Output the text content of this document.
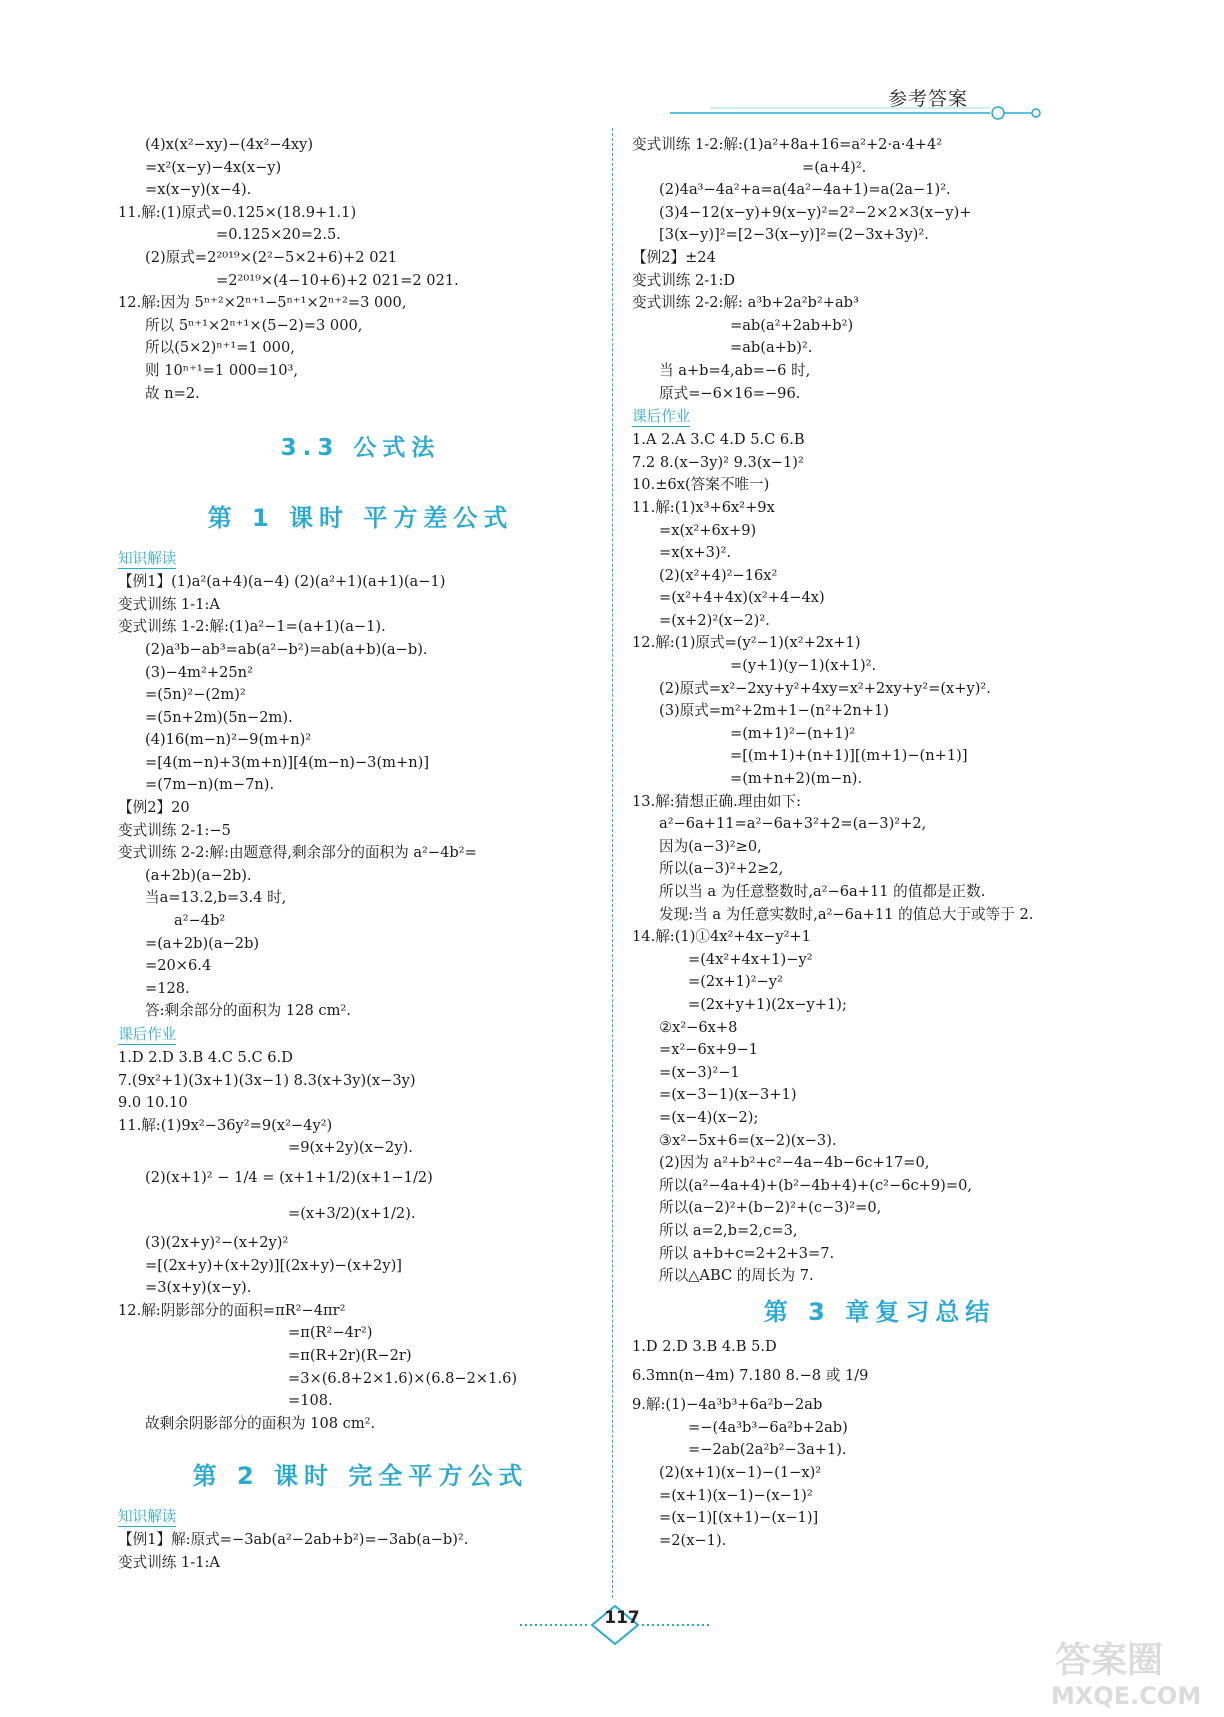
参考答案
(4)x(x²−xy)−(4x²−4xy)
=x²(x−y)−4x(x−y)
=x(x−y)(x−4).
11.解:(1)原式=0.125×(18.9+1.1)
=0.125×20=2.5.
(2)原式=2²⁰¹⁹×(2²−5×2+6)+2 021
=2²⁰¹⁹×(4−10+6)+2 021=2 021.
12.解:因为 5ⁿ⁺²×2ⁿ⁺¹−5ⁿ⁺¹×2ⁿ⁺²=3 000,
所以 5ⁿ⁺¹×2ⁿ⁺¹×(5−2)=3 000,
所以(5×2)ⁿ⁺¹=1 000,
则 10ⁿ⁺¹=1 000=10³,
故 n=2.
3.3 公式法
第 1 课时 平方差公式
知识解读
【例1】(1)a²(a+4)(a−4) (2)(a²+1)(a+1)(a−1)
变式训练 1-1:A
变式训练 1-2:解:(1)a²−1=(a+1)(a−1).
(2)a³b−ab³=ab(a²−b²)=ab(a+b)(a−b).
(3)−4m²+25n²
=(5n)²−(2m)²
=(5n+2m)(5n−2m).
(4)16(m−n)²−9(m+n)²
=[4(m−n)+3(m+n)][4(m−n)−3(m+n)]
=(7m−n)(m−7n).
【例2】20
变式训练 2-1:−5
变式训练 2-2:解:由题意得,剩余部分的面积为 a²−4b²=
(a+2b)(a−2b).
当a=13.2,b=3.4 时,
a²−4b²
=(a+2b)(a−2b)
=20×6.4
=128.
答:剩余部分的面积为 128 cm².
课后作业
1.D 2.D 3.B 4.C 5.C 6.D
7.(9x²+1)(3x+1)(3x−1) 8.3(x+3y)(x−3y)
9.0 10.10
11.解:(1)9x²−36y²=9(x²−4y²)
=9(x+2y)(x−2y).
(2)(x+1)² − 1/4 = (x+1+1/2)(x+1−1/2)
=(x+3/2)(x+1/2).
(3)(2x+y)²−(x+2y)²
=[(2x+y)+(x+2y)][(2x+y)−(x+2y)]
=3(x+y)(x−y).
12.解:阴影部分的面积=πR²−4πr²
=π(R²−4r²)
=π(R+2r)(R−2r)
=3×(6.8+2×1.6)×(6.8−2×1.6)
=108.
故剩余阴影部分的面积为 108 cm².
第 2 课时 完全平方公式
知识解读
【例1】解:原式=−3ab(a²−2ab+b²)=−3ab(a−b)².
变式训练 1-1:A
变式训练 1-2:解:(1)a²+8a+16=a²+2·a·4+4²
=(a+4)².
(2)4a³−4a²+a=a(4a²−4a+1)=a(2a−1)².
(3)4−12(x−y)+9(x−y)²=2²−2×2×3(x−y)+
[3(x−y)]²=[2−3(x−y)]²=(2−3x+3y)².
【例2】±24
变式训练 2-1:D
变式训练 2-2:解: a³b+2a²b²+ab³
=ab(a²+2ab+b²)
=ab(a+b)².
当 a+b=4,ab=−6 时,
原式=−6×16=−96.
课后作业
1.A 2.A 3.C 4.D 5.C 6.B
7.2 8.(x−3y)² 9.3(x−1)²
10.±6x(答案不唯一)
11.解:(1)x³+6x²+9x
=x(x²+6x+9)
=x(x+3)².
(2)(x²+4)²−16x²
=(x²+4+4x)(x²+4−4x)
=(x+2)²(x−2)².
12.解:(1)原式=(y²−1)(x²+2x+1)
=(y+1)(y−1)(x+1)².
(2)原式=x²−2xy+y²+4xy=x²+2xy+y²=(x+y)².
(3)原式=m²+2m+1−(n²+2n+1)
=(m+1)²−(n+1)²
=[(m+1)+(n+1)][(m+1)−(n+1)]
=(m+n+2)(m−n).
13.解:猜想正确.理由如下:
a²−6a+11=a²−6a+3²+2=(a−3)²+2,
因为(a−3)²≥0,
所以(a−3)²+2≥2,
所以当 a 为任意整数时,a²−6a+11 的值都是正数.
发现:当 a 为任意实数时,a²−6a+11 的值总大于或等于 2.
14.解:(1)①4x²+4x−y²+1
=(4x²+4x+1)−y²
=(2x+1)²−y²
=(2x+y+1)(2x−y+1);
②x²−6x+8
=x²−6x+9−1
=(x−3)²−1
=(x−3−1)(x−3+1)
=(x−4)(x−2);
③x²−5x+6=(x−2)(x−3).
(2)因为 a²+b²+c²−4a−4b−6c+17=0,
所以(a²−4a+4)+(b²−4b+4)+(c²−6c+9)=0,
所以(a−2)²+(b−2)²+(c−3)²=0,
所以 a=2,b=2,c=3,
所以 a+b+c=2+2+3=7.
所以△ABC 的周长为 7.
第 3 章复习总结
1.D 2.D 3.B 4.B 5.D
6.3mn(n−4m) 7.180 8.−8 或 1/9
9.解:(1)−4a³b³+6a²b−2ab
=−(4a³b³−6a²b+2ab)
=−2ab(2a²b²−3a+1).
(2)(x+1)(x−1)−(1−x)²
=(x+1)(x−1)−(x−1)²
=(x−1)[(x+1)−(x−1)]
=2(x−1).
117
答案圈
MXQE.COM
